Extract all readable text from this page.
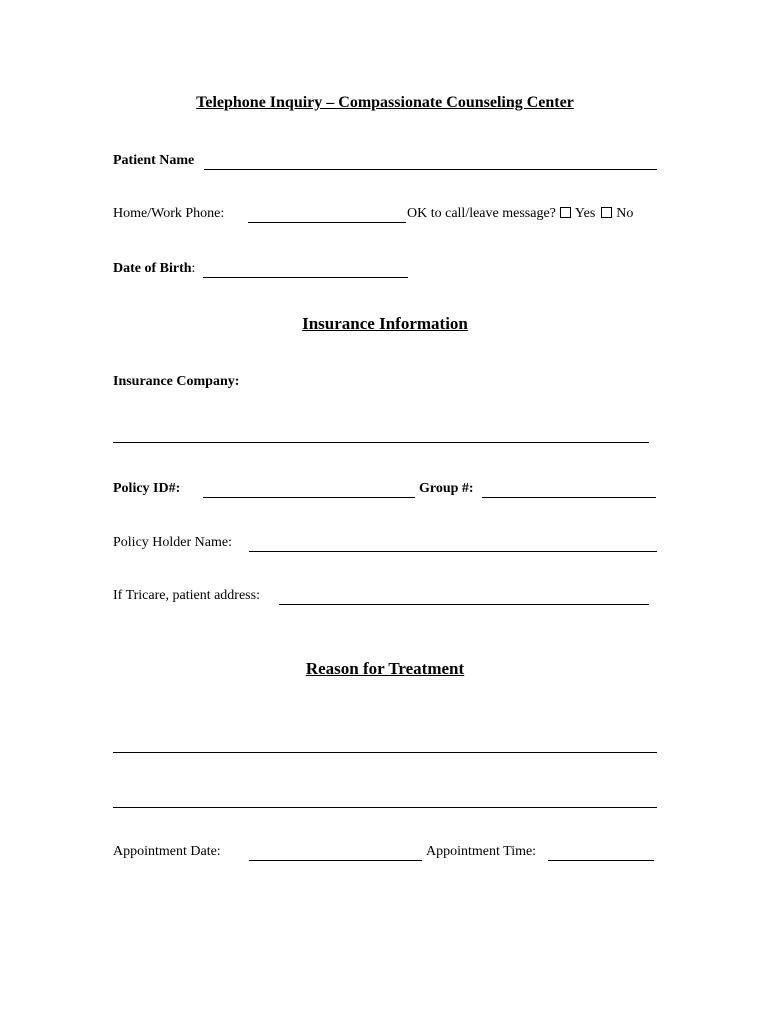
Telephone Inquiry – Compassionate Counseling Center
Patient Name
Home/Work Phone:	OK to call/leave message? Yes No
Date of Birth:
Insurance Information
Insurance Company:
Policy ID#:	Group #:
Policy Holder Name:
If Tricare, patient address:
Reason for Treatment
Appointment Date:	Appointment Time:
